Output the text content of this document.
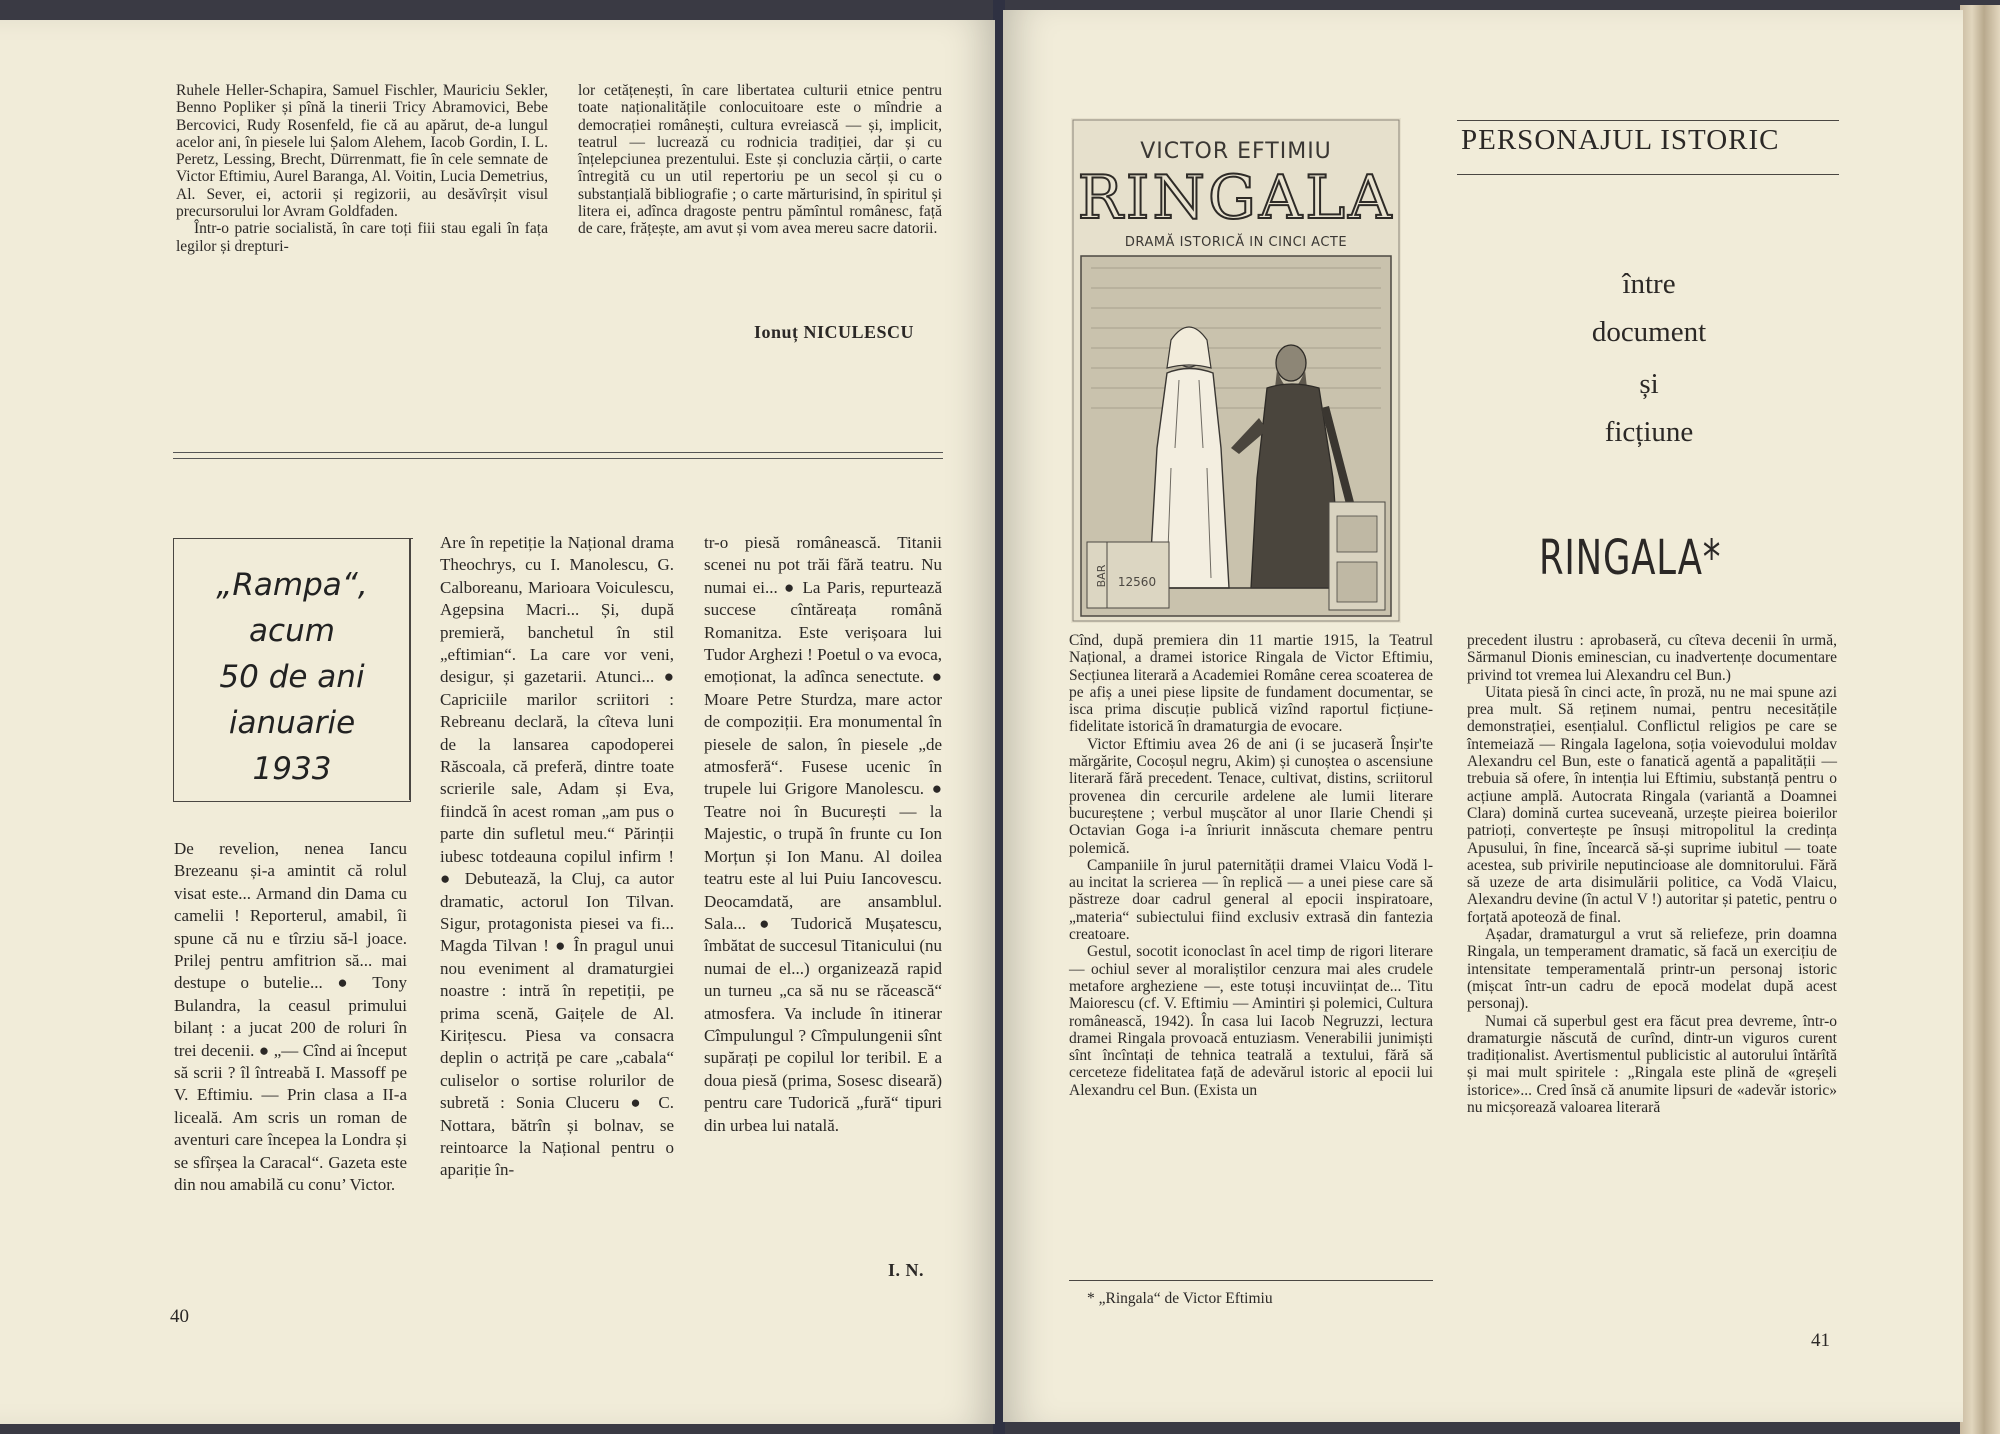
Ruhele Heller-Schapira, Samuel Fischler, Mauriciu Sekler, Benno Popliker și pînă la tinerii Tricy Abramovici, Bebe Bercovici, Rudy Rosenfeld, fie că au apărut, de-a lungul acelor ani, în piesele lui Șalom Alehem, Iacob Gordin, I. L. Peretz, Lessing, Brecht, Dürrenmatt, fie în cele semnate de Victor Eftimiu, Aurel Baranga, Al. Voitin, Lucia Demetrius, Al. Sever, ei, actorii și regizorii, au desăvîrșit visul precursorului lor Avram Goldfaden.

Într-o patrie socialistă, în care toți fiii stau egali în fața legilor și drepturi-

lor cetățenești, în care libertatea culturii etnice pentru toate naționalitățile conlocuitoare este o mîndrie a democrației românești, cultura evreiască — și, implicit, teatrul — lucrează cu rodnicia tradiției, dar și cu înțelepciunea prezentului. Este și concluzia cărții, o carte întregită cu un util repertoriu pe un secol și cu o substanțială bibliografie ; o carte mărturisind, în spiritul și litera ei, adînca dragoste pentru pămîntul românesc, față de care, frățește, am avut și vom avea mereu sacre datorii.

Ionuț NICULESCU
„Rampa“,
acum
50 de ani
ianuarie
1933

De revelion, nenea Iancu Brezeanu și-a amintit că rolul visat este... Armand din Dama cu camelii ! Reporterul, amabil, îi spune că nu e tîrziu să-l joace. Prilej pentru amfitrion să... mai destupe o butelie... ● Tony Bulandra, la ceasul primului bilanț : a jucat 200 de roluri în trei decenii. ● „— Cînd ai început să scrii ? îl întreabă I. Massoff pe V. Eftimiu. — Prin clasa a II-a liceală. Am scris un roman de aventuri care începea la Londra și se sfîrșea la Caracal“. Gazeta este din nou amabilă cu conu’ Victor.

Are în repetiție la Național drama Theochrys, cu I. Manolescu, G. Calboreanu, Marioara Voiculescu, Agepsina Macri... Și, după premieră, banchetul în stil „eftimian“. La care vor veni, desigur, și gazetarii. Atunci... ● Capriciile marilor scriitori : Rebreanu declară, la cîteva luni de la lansarea capodoperei Răscoala, că preferă, dintre toate scrierile sale, Adam și Eva, fiindcă în acest roman „am pus o parte din sufletul meu.“ Părinții iubesc totdeauna copilul infirm ! ● Debutează, la Cluj, ca autor dramatic, actorul Ion Tilvan. Sigur, protagonista piesei va fi... Magda Tilvan ! ● În pragul unui nou eveniment al dramaturgiei noastre : intră în repetiții, pe prima scenă, Gaițele de Al. Kirițescu. Piesa va consacra deplin o actriță pe care „cabala“ culiselor o sortise rolurilor de subretă : Sonia Cluceru ● C. Nottara, bătrîn și bolnav, se reintoarce la Național pentru o apariție în-

tr-o piesă românească. Titanii scenei nu pot trăi fără teatru. Nu numai ei... ● La Paris, repurtează succese cîntăreața română Romanitza. Este verișoara lui Tudor Arghezi ! Poetul o va evoca, emoționat, la adînca senectute. ● Moare Petre Sturdza, mare actor de compoziții. Era monumental în piesele de salon, în piesele „de atmosferă“. Fusese ucenic în trupele lui Grigore Manolescu. ● Teatre noi în București — la Majestic, o trupă în frunte cu Ion Morțun și Ion Manu. Al doilea teatru este al lui Puiu Iancovescu. Deocamdată, are ansamblul. Sala... ● Tudorică Mușatescu, îmbătat de succesul Titanicului (nu numai de el...) organizează rapid un turneu „ca să nu se răcească“ atmosfera. Va include în itinerar Cîmpulungul ? Cîmpulungenii sînt supărați pe copilul lor teribil. E a doua piesă (prima, Sosesc diseară) pentru care Tudorică „fură“ tipuri din urbea lui natală.

I. N.
40
PERSONAJUL ISTORIC
între
document
și
ficțiune
RINGALA*

Cînd, după premiera din 11 martie 1915, la Teatrul Național, a dramei istorice Ringala de Victor Eftimiu, Secțiunea literară a Academiei Române cerea scoaterea de pe afiș a unei piese lipsite de fundament documentar, se isca prima discuție publică vizînd raportul ficțiune-fidelitate istorică în dramaturgia de evocare.

Victor Eftimiu avea 26 de ani (i se jucaseră Înșir'te mărgărite, Cocoșul negru, Akim) și cunoștea o ascensiune literară fără precedent. Tenace, cultivat, distins, scriitorul provenea din cercurile ardelene ale lumii literare bucureștene ; verbul mușcător al unor Ilarie Chendi și Octavian Goga i-a înriurit innăscuta chemare pentru polemică.

Campaniile în jurul paternității dramei Vlaicu Vodă l-au incitat la scrierea — în replică — a unei piese care să păstreze doar cadrul general al epocii inspiratoare, „materia“ subiectului fiind exclusiv extrasă din fantezia creatoare.

Gestul, socotit iconoclast în acel timp de rigori literare — ochiul sever al moraliștilor cenzura mai ales crudele metafore argheziene —, este totuși incuviințat de... Titu Maiorescu (cf. V. Eftimiu — Amintiri și polemici, Cultura românească, 1942). În casa lui Iacob Negruzzi, lectura dramei Ringala provoacă entuziasm. Venerabilii junimiști sînt încîntați de tehnica teatrală a textului, fără să cerceteze fidelitatea față de adevărul istoric al epocii lui Alexandru cel Bun. (Exista un

precedent ilustru : aprobaseră, cu cîteva decenii în urmă, Sărmanul Dionis eminescian, cu inadvertențe documentare privind tot vremea lui Alexandru cel Bun.)

Uitata piesă în cinci acte, în proză, nu ne mai spune azi prea mult. Să reținem numai, pentru necesitățile demonstrației, esențialul. Conflictul religios pe care se întemeiază — Ringala Iagelona, soția voievodului moldav Alexandru cel Bun, este o fanatică agentă a papalității — trebuia să ofere, în intenția lui Eftimiu, substanță pentru o acțiune amplă. Autocrata Ringala (variantă a Doamnei Clara) domină curtea suceveană, urzește pieirea boierilor patrioți, convertește pe însuși mitropolitul la credința Apusului, în fine, încearcă să-și suprime iubitul — toate acestea, sub privirile neputincioase ale domnitorului. Fără să uzeze de arta disimulării politice, ca Vodă Vlaicu, Alexandru devine (în actul V !) autoritar și patetic, pentru o forțată apoteoză de final.

Așadar, dramaturgul a vrut să reliefeze, prin doamna Ringala, un temperament dramatic, să facă un exercițiu de intensitate temperamentală printr-un personaj istoric (mișcat într-un cadru de epocă modelat după acest personaj).

Numai că superbul gest era făcut prea devreme, într-o dramaturgie născută de curînd, dintr-un viguros curent tradiționalist. Avertismentul publicistic al autorului întărîtă și mai mult spiritele : „Ringala este plină de «greșeli istorice»... Cred însă că anumite lipsuri de «adevăr istoric» nu micșorează valoarea literară

* „Ringala“ de Victor Eftimiu
41
VICTOR EFTIMIU
RINGALA
DRAMĂ ISTORICĂ IN CINCI ACTE
BAR 12560
